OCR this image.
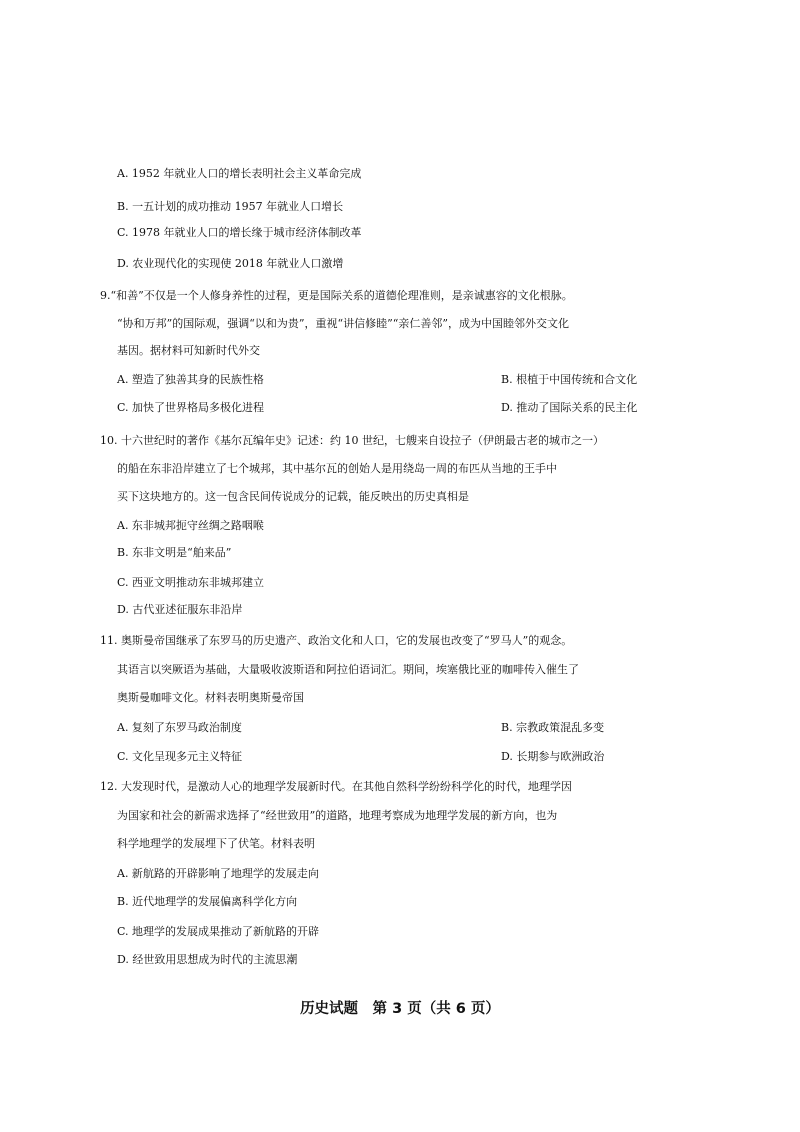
A. 1952 年就业人口的增长表明社会主义革命完成
B. 一五计划的成功推动 1957 年就业人口增长
C. 1978 年就业人口的增长缘于城市经济体制改革
D. 农业现代化的实现使 2018 年就业人口激增
9.“和善”不仅是一个人修身养性的过程，更是国际关系的道德伦理准则，是亲诚惠容的文化根脉。
“协和万邦”的国际观，强调“以和为贵”，重视“讲信修睦”“亲仁善邻”，成为中国睦邻外交文化
基因。据材料可知新时代外交
A. 塑造了独善其身的民族性格	B. 根植于中国传统和合文化
C. 加快了世界格局多极化进程	D. 推动了国际关系的民主化
10. 十六世纪时的著作《基尔瓦编年史》记述：约 10 世纪，七艘来自设拉子（伊朗最古老的城市之一）
的船在东非沿岸建立了七个城邦，其中基尔瓦的创始人是用绕岛一周的布匹从当地的王手中
买下这块地方的。这一包含民间传说成分的记载，能反映出的历史真相是
A. 东非城邦扼守丝绸之路咽喉
B. 东非文明是“舶来品”
C. 西亚文明推动东非城邦建立
D. 古代亚述征服东非沿岸
11. 奥斯曼帝国继承了东罗马的历史遗产、政治文化和人口，它的发展也改变了“罗马人”的观念。
其语言以突厥语为基础，大量吸收波斯语和阿拉伯语词汇。期间，埃塞俄比亚的咖啡传入催生了
奥斯曼咖啡文化。材料表明奥斯曼帝国
A. 复刻了东罗马政治制度	B. 宗教政策混乱多变
C. 文化呈现多元主义特征	D. 长期参与欧洲政治
12. 大发现时代，是激动人心的地理学发展新时代。在其他自然科学纷纷科学化的时代，地理学因
为国家和社会的新需求选择了“经世致用”的道路，地理考察成为地理学发展的新方向，也为
科学地理学的发展埋下了伏笔。材料表明
A. 新航路的开辟影响了地理学的发展走向
B. 近代地理学的发展偏离科学化方向
C. 地理学的发展成果推动了新航路的开辟
D. 经世致用思想成为时代的主流思潮
历史试题　第 3 页（共 6 页）
